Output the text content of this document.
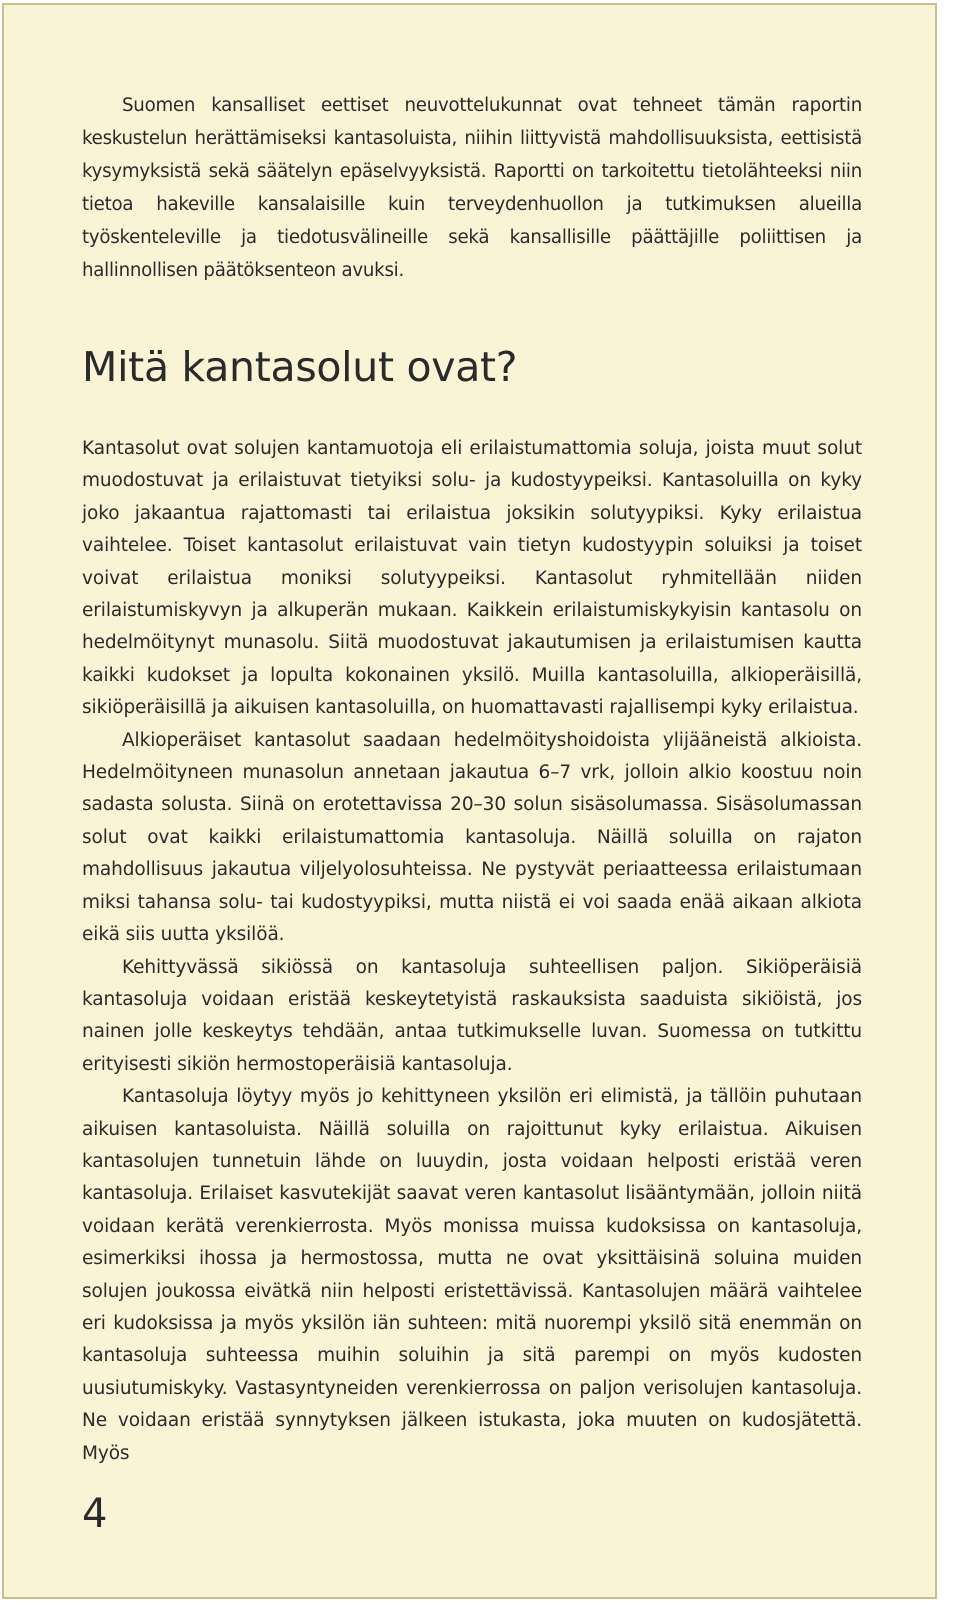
Suomen kansalliset eettiset neuvottelukunnat ovat tehneet tämän raportin keskustelun herättämiseksi kantasoluista, niihin liittyvistä mahdollisuuksista, eettisistä kysymyksistä sekä säätelyn epäselvyyksistä. Raportti on tarkoitettu tietolähteeksi niin tietoa hakeville kansalaisille kuin terveydenhuollon ja tutkimuksen alueilla työskenteleville ja tiedotusvälineille sekä kansallisille päättäjille poliittisen ja hallinnollisen päätöksenteon avuksi.

Mitä kantasolut ovat?

Kantasolut ovat solujen kantamuotoja eli erilaistumattomia soluja, joista muut solut muodostuvat ja erilaistuvat tietyiksi solu- ja kudostyypeiksi. Kantasoluilla on kyky joko jakaantua rajattomasti tai erilaistua joksikin solutyypiksi. Kyky erilaistua vaihtelee. Toiset kantasolut erilaistuvat vain tietyn kudostyypin soluiksi ja toiset voivat erilaistua moniksi solutyypeiksi. Kantasolut ryhmitellään niiden erilaistumiskyvyn ja alkuperän mukaan. Kaikkein erilaistumiskykyisin kantasolu on hedelmöitynyt munasolu. Siitä muodostuvat jakautumisen ja erilaistumisen kautta kaikki kudokset ja lopulta kokonainen yksilö. Muilla kantasoluilla, alkioperäisillä, sikiöperäisillä ja aikuisen kantasoluilla, on huomattavasti rajallisempi kyky erilaistua.

Alkioperäiset kantasolut saadaan hedelmöityshoidoista ylijääneistä alkioista. Hedelmöityneen munasolun annetaan jakautua 6–7 vrk, jolloin alkio koostuu noin sadasta solusta. Siinä on erotettavissa 20–30 solun sisäsolumassa. Sisäsolumassan solut ovat kaikki erilaistumattomia kantasoluja. Näillä soluilla on rajaton mahdollisuus jakautua viljelyolosuhteissa. Ne pystyvät periaatteessa erilaistumaan miksi tahansa solu- tai kudostyypiksi, mutta niistä ei voi saada enää aikaan alkiota eikä siis uutta yksilöä.

Kehittyvässä sikiössä on kantasoluja suhteellisen paljon. Sikiöperäisiä kantasoluja voidaan eristää keskeytetyistä raskauksista saaduista sikiöistä, jos nainen jolle keskeytys tehdään, antaa tutkimukselle luvan. Suomessa on tutkittu erityisesti sikiön hermostoperäisiä kantasoluja.

Kantasoluja löytyy myös jo kehittyneen yksilön eri elimistä, ja tällöin puhutaan aikuisen kantasoluista. Näillä soluilla on rajoittunut kyky erilaistua. Aikuisen kantasolujen tunnetuin lähde on luuydin, josta voidaan helposti eristää veren kantasoluja. Erilaiset kasvutekijät saavat veren kantasolut lisääntymään, jolloin niitä voidaan kerätä verenkierrosta. Myös monissa muissa kudoksissa on kantasoluja, esimerkiksi ihossa ja hermostossa, mutta ne ovat yksittäisinä soluina muiden solujen joukossa eivätkä niin helposti eristettävissä. Kantasolujen määrä vaihtelee eri kudoksissa ja myös yksilön iän suhteen: mitä nuorempi yksilö sitä enemmän on kantasoluja suhteessa muihin soluihin ja sitä parempi on myös kudosten uusiutumiskyky. Vastasyntyneiden verenkierrossa on paljon verisolujen kantasoluja. Ne voidaan eristää synnytyksen jälkeen istukasta, joka muuten on kudosjätettä. Myös

4
